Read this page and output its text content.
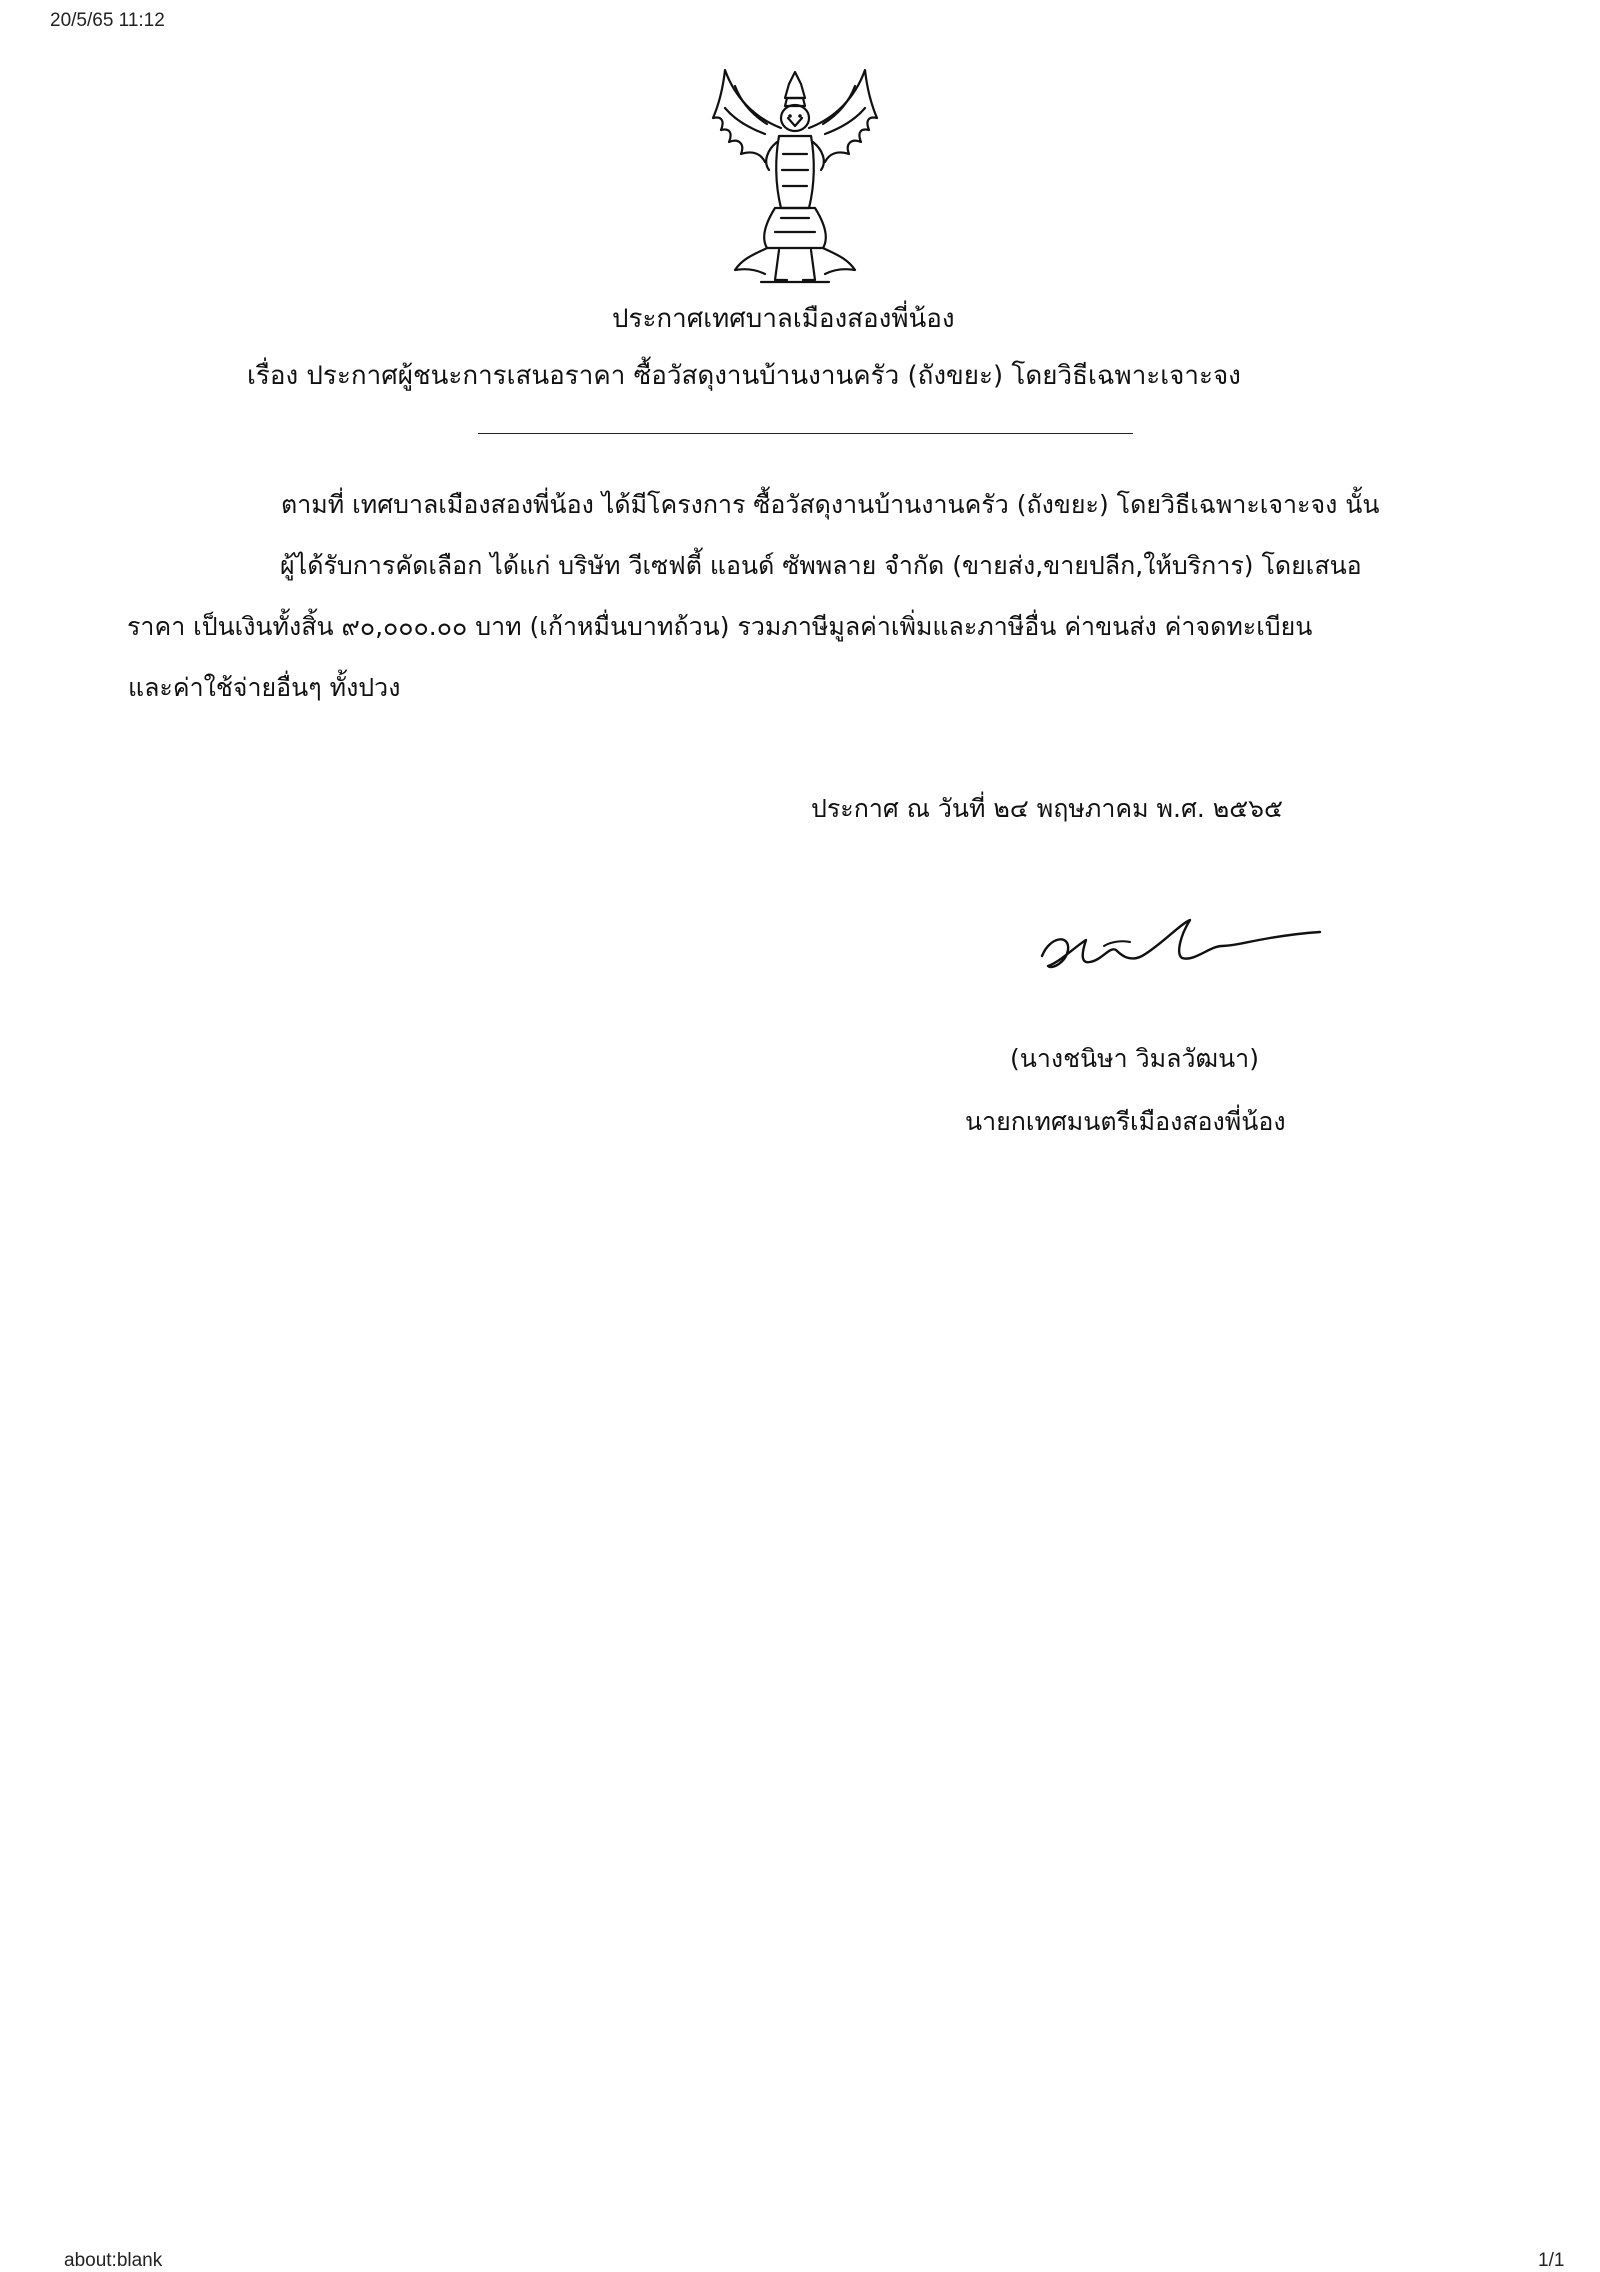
20/5/65 11:12
ประกาศเทศบาลเมืองสองพี่น้อง
เรื่อง ประกาศผู้ชนะการเสนอราคา ซื้อวัสดุงานบ้านงานครัว (ถังขยะ) โดยวิธีเฉพาะเจาะจง
ตามที่ เทศบาลเมืองสองพี่น้อง ได้มีโครงการ ซื้อวัสดุงานบ้านงานครัว (ถังขยะ) โดยวิธีเฉพาะเจาะจง นั้น
ผู้ได้รับการคัดเลือก ได้แก่ บริษัท วีเซฟตี้ แอนด์ ซัพพลาย จำกัด (ขายส่ง,ขายปลีก,ให้บริการ) โดยเสนอ
ราคา เป็นเงินทั้งสิ้น ๙๐,๐๐๐.๐๐ บาท (เก้าหมื่นบาทถ้วน) รวมภาษีมูลค่าเพิ่มและภาษีอื่น ค่าขนส่ง ค่าจดทะเบียน
และค่าใช้จ่ายอื่นๆ ทั้งปวง
ประกาศ ณ วันที่ ๒๔ พฤษภาคม พ.ศ. ๒๕๖๕
(นางชนิษา วิมลวัฒนา)
นายกเทศมนตรีเมืองสองพี่น้อง
about:blank	1/1
